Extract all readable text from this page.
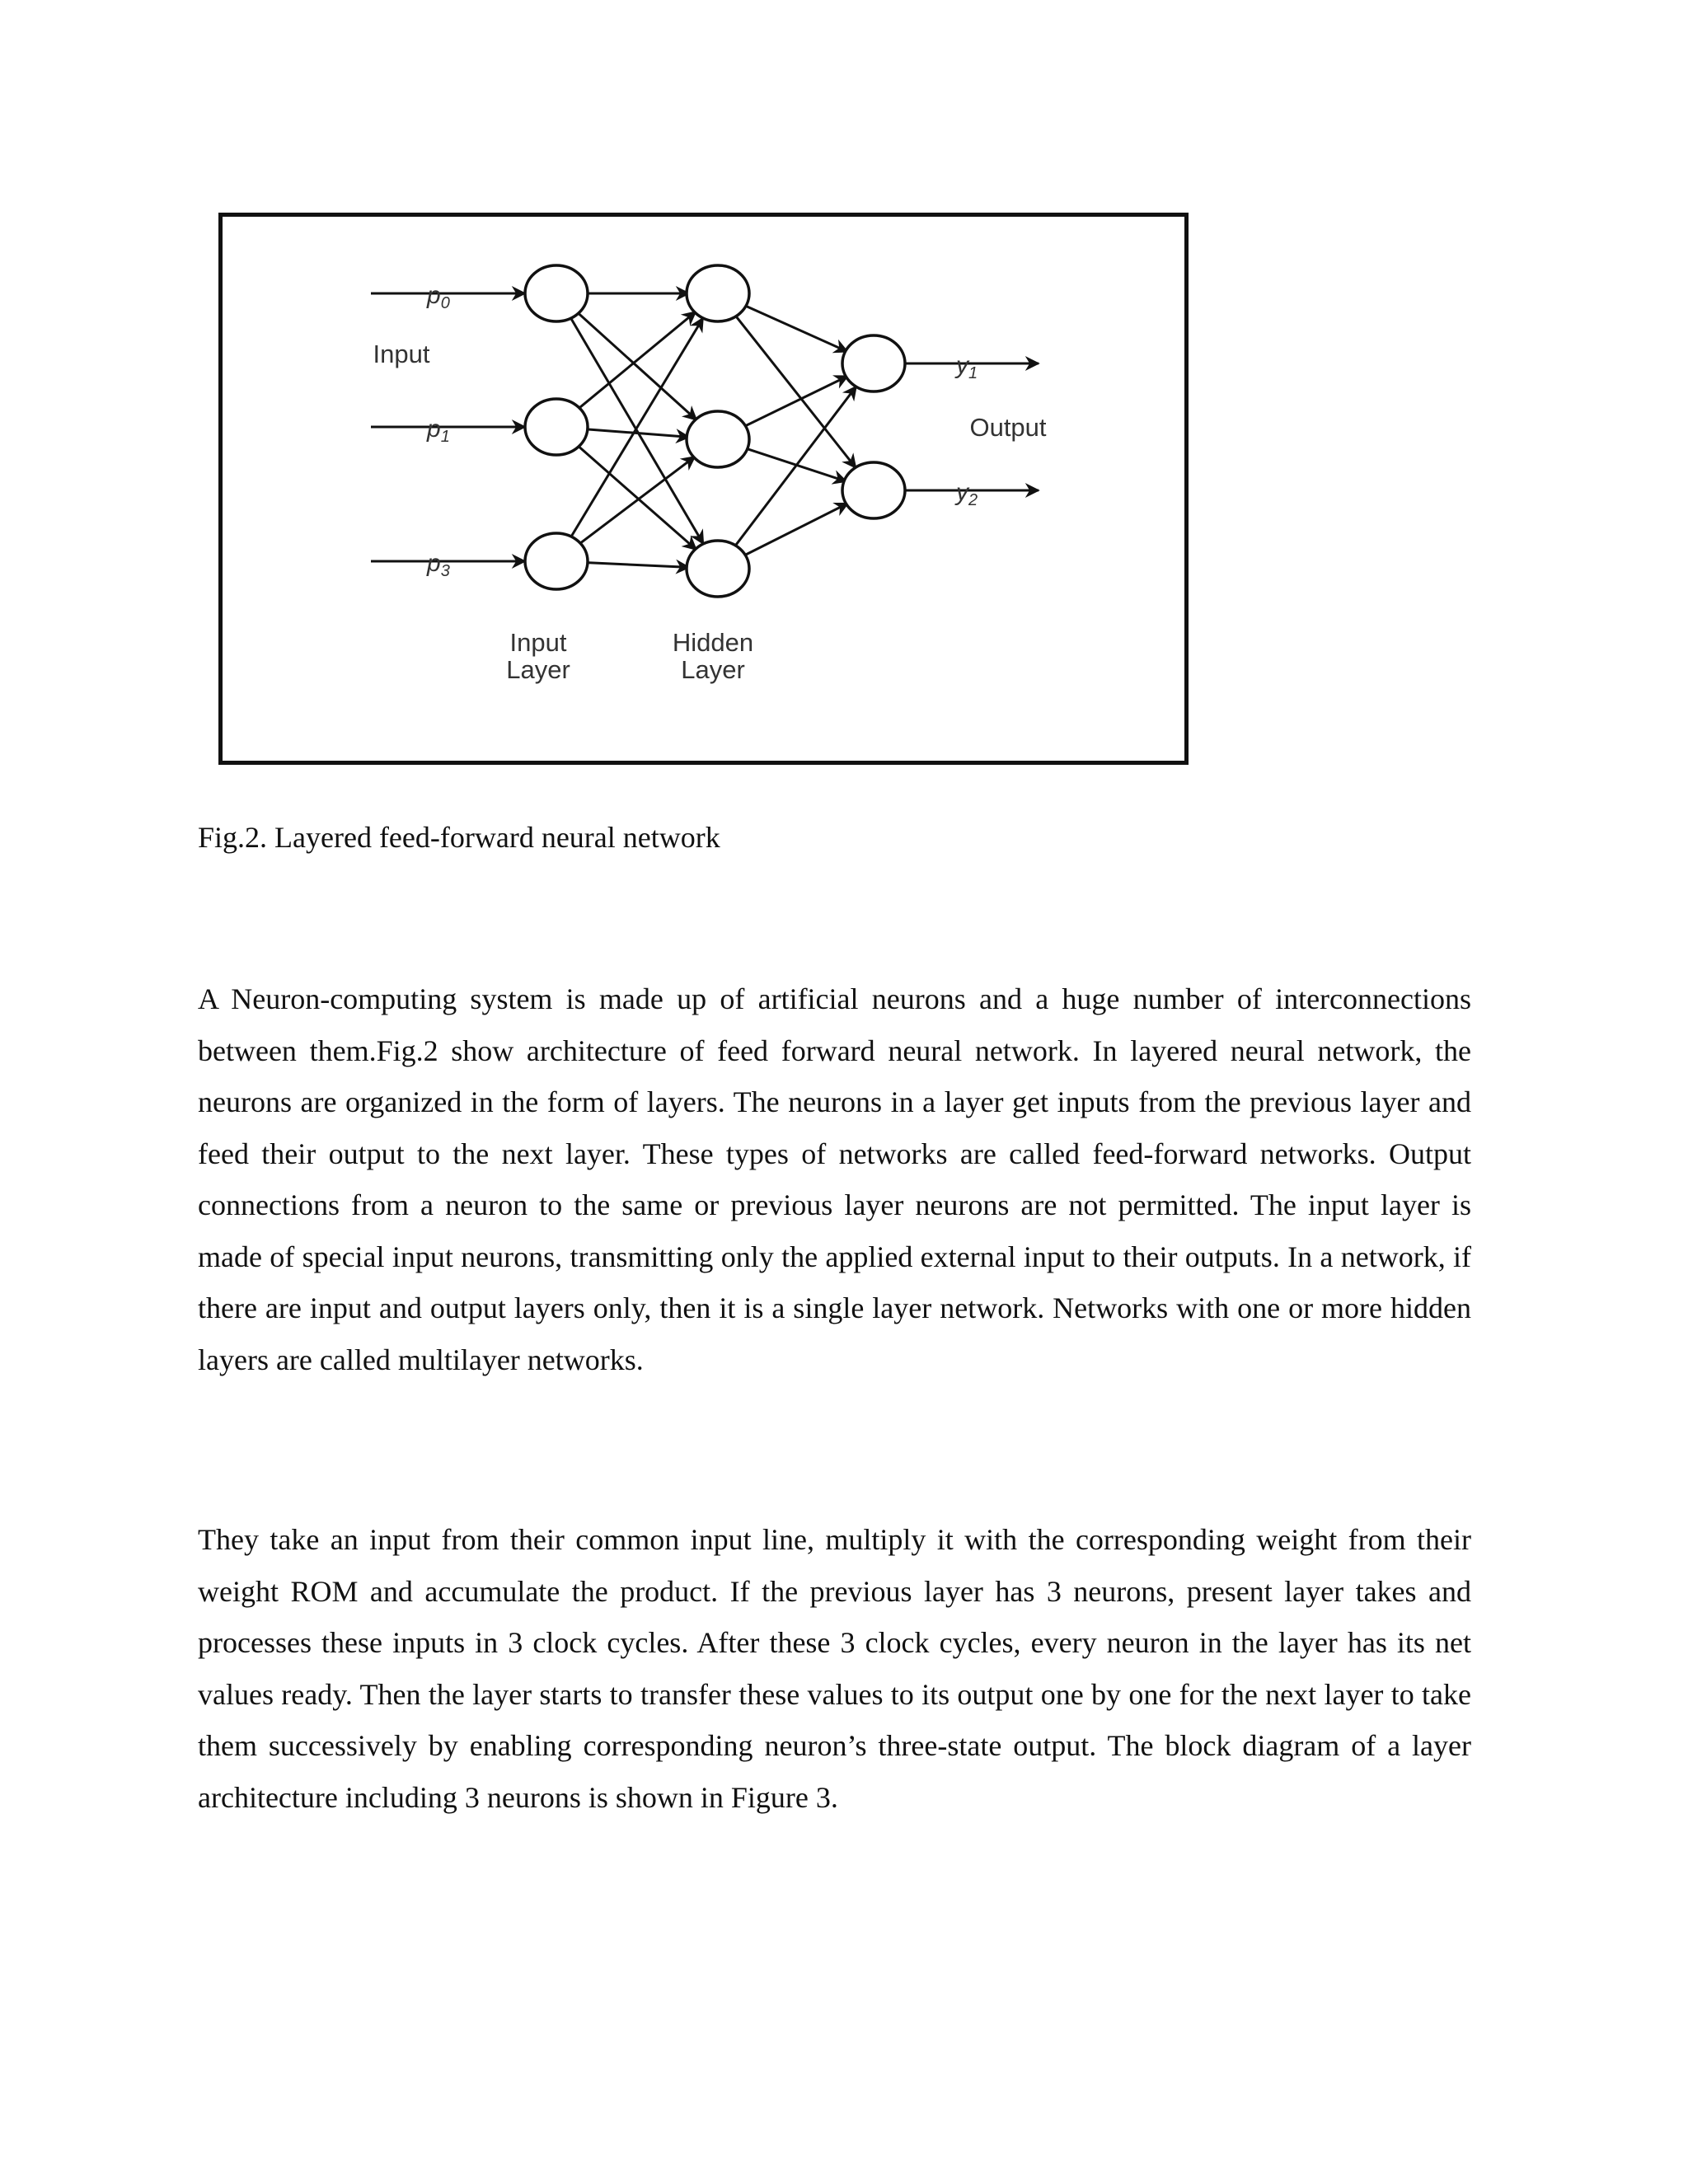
$p_0$
$p_1$
$p_3$
$y_1$
$y_2$
Input
Output
Input
Layer
Hidden
Layer
Fig.2. Layered feed-forward neural network

A Neuron-computing system is made up of artificial neurons and a huge number of interconnections between them.Fig.2 show architecture of feed forward neural network. In layered neural network, the neurons are organized in the form of layers. The neurons in a layer get inputs from the previous layer and feed their output to the next layer. These types of networks are called feed-forward networks. Output connections from a neuron to the same or previous layer neurons are not permitted. The input layer is made of special input neurons, transmitting only the applied external input to their outputs. In a network, if there are input and output layers only, then it is a single layer network. Networks with one or more hidden layers are called multilayer networks.

They take an input from their common input line, multiply it with the corresponding weight from their weight ROM and accumulate the product. If the previous layer has 3 neurons, present layer takes and processes these inputs in 3 clock cycles. After these 3 clock cycles, every neuron in the layer has its net values ready. Then the layer starts to transfer these values to its output one by one for the next layer to take them successively by enabling corresponding neuron’s three-state output. The block diagram of a layer architecture including 3 neurons is shown in Figure 3.
